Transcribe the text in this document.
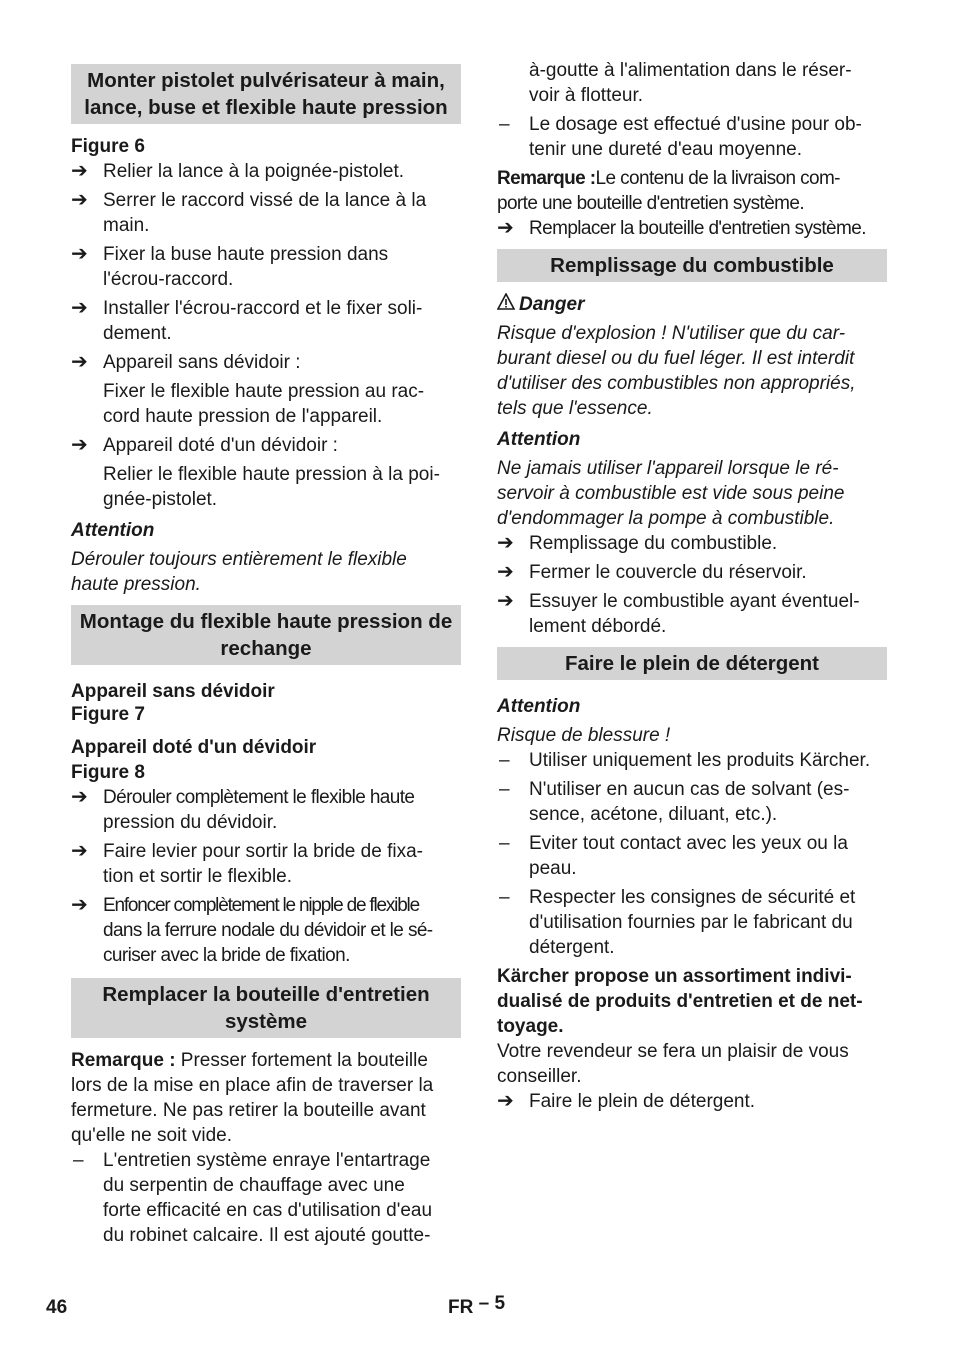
Monter pistolet pulvérisateur à main, lance, buse et flexible haute pression

Figure 6

➔ Relier la lance à la poignée-pistolet.

➔ Serrer le raccord vissé de la lance à la

main.

➔ Fixer la buse haute pression dans

l'écrou-raccord.

➔ Installer l'écrou-raccord et le fixer soli-

dement.

➔ Appareil sans dévidoir :

Fixer le flexible haute pression au rac-

cord haute pression de l'appareil.

➔ Appareil doté d'un dévidoir :

Relier le flexible haute pression à la poi-

gnée-pistolet.

Attention

Dérouler toujours entièrement le flexible

haute pression.

Montage du flexible haute pression de rechange

Appareil sans dévidoir

Figure 7

Appareil doté d'un dévidoir

Figure 8

➔ Dérouler complètement le flexible haute

pression du dévidoir.

➔ Faire levier pour sortir la bride de fixa-

tion et sortir le flexible.

➔ Enfoncer complètement le nipple de flexible

dans la ferrure nodale du dévidoir et le sé-

curiser avec la bride de fixation.

Remplacer la bouteille d'entretien système

Remarque : Presser fortement la bouteille

lors de la mise en place afin de traverser la

fermeture. Ne pas retirer la bouteille avant

qu'elle ne soit vide.

–	L'entretien système enraye l'entartrage

du serpentin de chauffage avec une

forte efficacité en cas d'utilisation d'eau

du robinet calcaire. Il est ajouté goutte-

à-goutte à l'alimentation dans le réser-

voir à flotteur.

–	Le dosage est effectué d'usine pour ob-

tenir une dureté d'eau moyenne.

Remarque :Le contenu de la livraison com-

porte une bouteille d'entretien système.

➔ Remplacer la bouteille d'entretien système.

Remplissage du combustible

Danger

Risque d'explosion ! N'utiliser que du car-

burant diesel ou du fuel léger. Il est interdit

d'utiliser des combustibles non appropriés,

tels que l'essence.

Attention

Ne jamais utiliser l'appareil lorsque le ré-

servoir à combustible est vide sous peine

d'endommager la pompe à combustible.

➔ Remplissage du combustible.

➔ Fermer le couvercle du réservoir.

➔ Essuyer le combustible ayant éventuel-

lement débordé.

Faire le plein de détergent

Attention

Risque de blessure !

–	Utiliser uniquement les produits Kärcher.

–	N'utiliser en aucun cas de solvant (es-

sence, acétone, diluant, etc.).

–	Eviter tout contact avec les yeux ou la

peau.

–	Respecter les consignes de sécurité et

d'utilisation fournies par le fabricant du

détergent.

Kärcher propose un assortiment indivi-

dualisé de produits d'entretien et de net-

toyage.

Votre revendeur se fera un plaisir de vous

conseiller.

➔ Faire le plein de détergent.

46	FR – 5
